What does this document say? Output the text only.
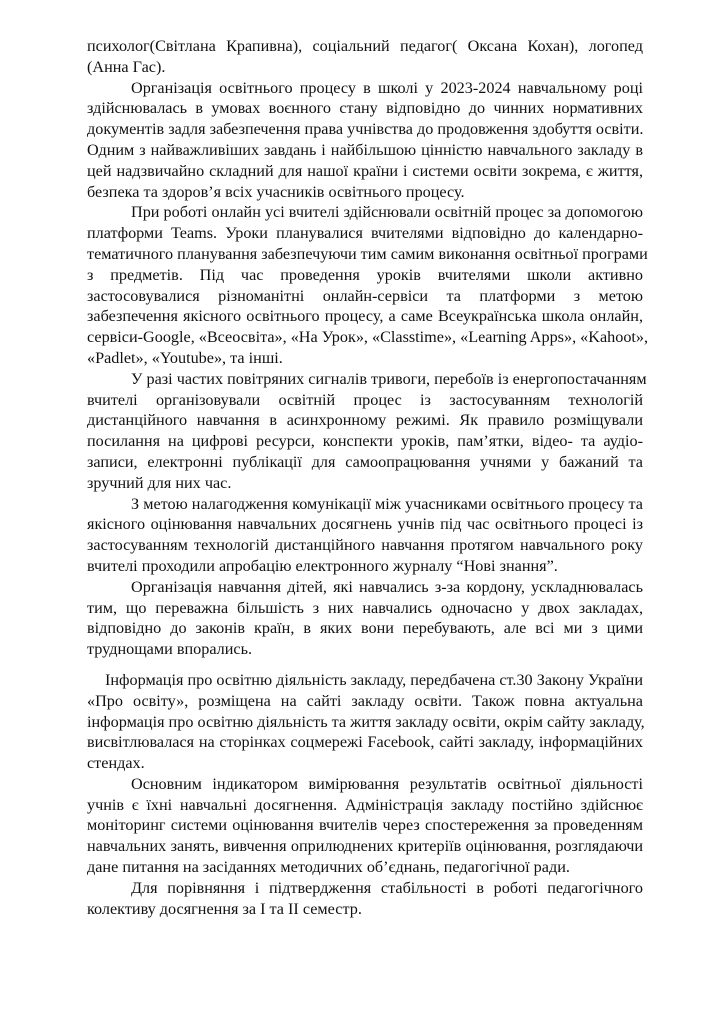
психолог(Світлана Крапивна), соціальний педагог( Оксана Кохан), логопед
(Анна Гас).

Організація освітнього процесу в школі у 2023-2024 навчальному році
здійснювалась в умовах воєнного стану відповідно до чинних нормативних
документів задля забезпечення права учнівства до продовження здобуття освіти.
Одним з найважливіших завдань і найбільшою цінністю навчального закладу в
цей надзвичайно складний для нашої країни і системи освіти зокрема, є життя,
безпека та здоров’я всіх учасників освітнього процесу.

При роботі онлайн усі вчителі здійснювали освітній процес за допомогою
платформи Teams. Уроки планувалися вчителями відповідно до календарно-
тематичного планування забезпечуючи тим самим виконання освітньої програми
з предметів. Під час проведення уроків вчителями школи активно
застосовувалися різноманітні онлайн-сервіси та платформи з метою
забезпечення якісного освітнього процесу, а саме Всеукраїнська школа онлайн,
сервіси-Google, «Всеосвіта», «На Урок», «Classtime», «Learning Apps», «Kahoot»,
«Padlet», «Youtube», та інші.

У разі частих повітряних сигналів тривоги, перебоїв із енергопостачанням
вчителі організовували освітній процес із застосуванням технологій
дистанційного навчання в асинхронному режимі. Як правило розміщували
посилання на цифрові ресурси, конспекти уроків, пам’ятки, відео- та аудіо-
записи, електронні публікації для самоопрацювання учнями у бажаний та
зручний для них час.

З метою налагодження комунікації між учасниками освітнього процесу та
якісного оцінювання навчальних досягнень учнів під час освітнього процесі із
застосуванням технологій дистанційного навчання протягом навчального року
вчителі проходили апробацію електронного журналу “Нові знання”.

Організація навчання дітей, які навчались з-за кордону, ускладнювалась
тим, що переважна більшість з них навчались одночасно у двох закладах,
відповідно до законів країн, в яких вони перебувають, але всі ми з цими
труднощами впорались.

Інформація про освітню діяльність закладу, передбачена ст.30 Закону України
«Про освіту», розміщена на сайті закладу освіти. Також повна актуальна
інформація про освітню діяльність та життя закладу освіти, окрім сайту закладу,
висвітлювалася на сторінках соцмережі Facebook, сайті закладу, інформаційних
стендах.

Основним індикатором вимірювання результатів освітньої діяльності
учнів є їхні навчальні досягнення. Адміністрація закладу постійно здійснює
моніторинг системи оцінювання вчителів через спостереження за проведенням
навчальних занять, вивчення оприлюднених критеріїв оцінювання, розглядаючи
дане питання на засіданнях методичних об’єднань, педагогічної ради.

Для порівняння і підтвердження стабільності в роботі педагогічного
колективу досягнення за І та ІІ семестр.
